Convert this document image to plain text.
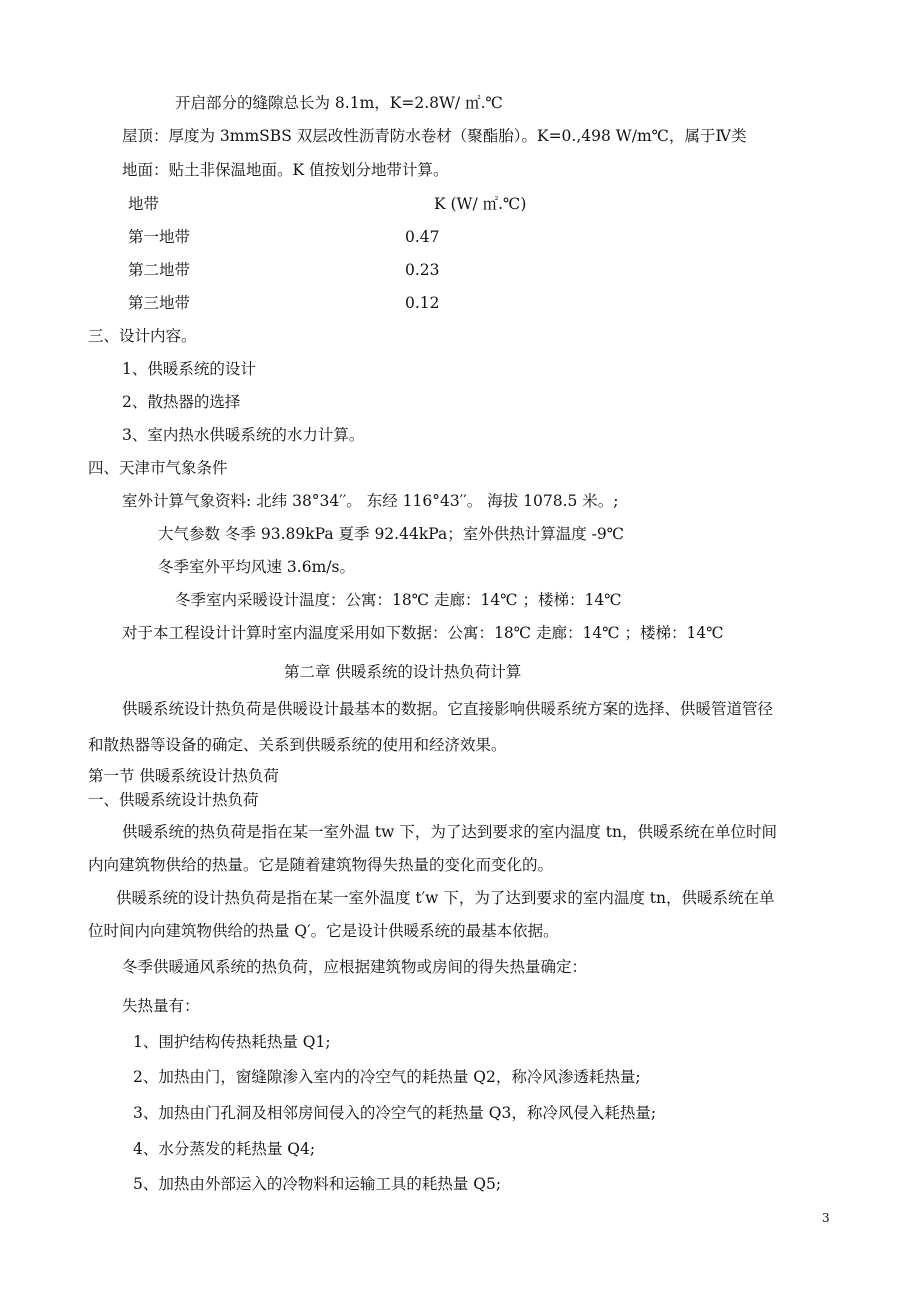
开启部分的缝隙总长为 8.1m，K=2.8W/ ㎡.℃
屋顶：厚度为 3mmSBS 双层改性沥青防水卷材（聚酯胎）。K=0.,498 W/m℃，属于Ⅳ类
地面：贴土非保温地面。K 值按划分地带计算。
地带	K (W/ ㎡.℃)
第一地带	0.47
第二地带	0.23
第三地带	0.12
三、设计内容。
1、供暖系统的设计
2、散热器的选择
3、室内热水供暖系统的水力计算。
四、天津市气象条件
室外计算气象资料: 北纬 38°34′′。 东经 116°43′′。 海拔 1078.5 米。;
大气参数 冬季 93.89kPa 夏季 92.44kPa；室外供热计算温度 -9℃
冬季室外平均风速 3.6m/s。
冬季室内采暖设计温度：公寓：18℃ 走廊：14℃ ；楼梯：14℃
对于本工程设计计算时室内温度采用如下数据：公寓：18℃ 走廊：14℃ ；楼梯：14℃
第二章 供暖系统的设计热负荷计算
供暖系统设计热负荷是供暖设计最基本的数据。它直接影响供暖系统方案的选择、供暖管道管径
和散热器等设备的确定、关系到供暖系统的使用和经济效果。
第一节 供暖系统设计热负荷
一、供暖系统设计热负荷
供暖系统的热负荷是指在某一室外温 tw 下，为了达到要求的室内温度 tn，供暖系统在单位时间
内向建筑物供给的热量。它是随着建筑物得失热量的变化而变化的。
供暖系统的设计热负荷是指在某一室外温度 t′w 下，为了达到要求的室内温度 tn，供暖系统在单
位时间内向建筑物供给的热量 Q′。它是设计供暖系统的最基本依据。
冬季供暖通风系统的热负荷，应根据建筑物或房间的得失热量确定：
失热量有：
1、围护结构传热耗热量 Q1;
2、加热由门，窗缝隙渗入室内的冷空气的耗热量 Q2，称冷风渗透耗热量;
3、加热由门孔洞及相邻房间侵入的冷空气的耗热量 Q3，称冷风侵入耗热量;
4、水分蒸发的耗热量 Q4;
5、加热由外部运入的冷物料和运输工具的耗热量 Q5;
3
